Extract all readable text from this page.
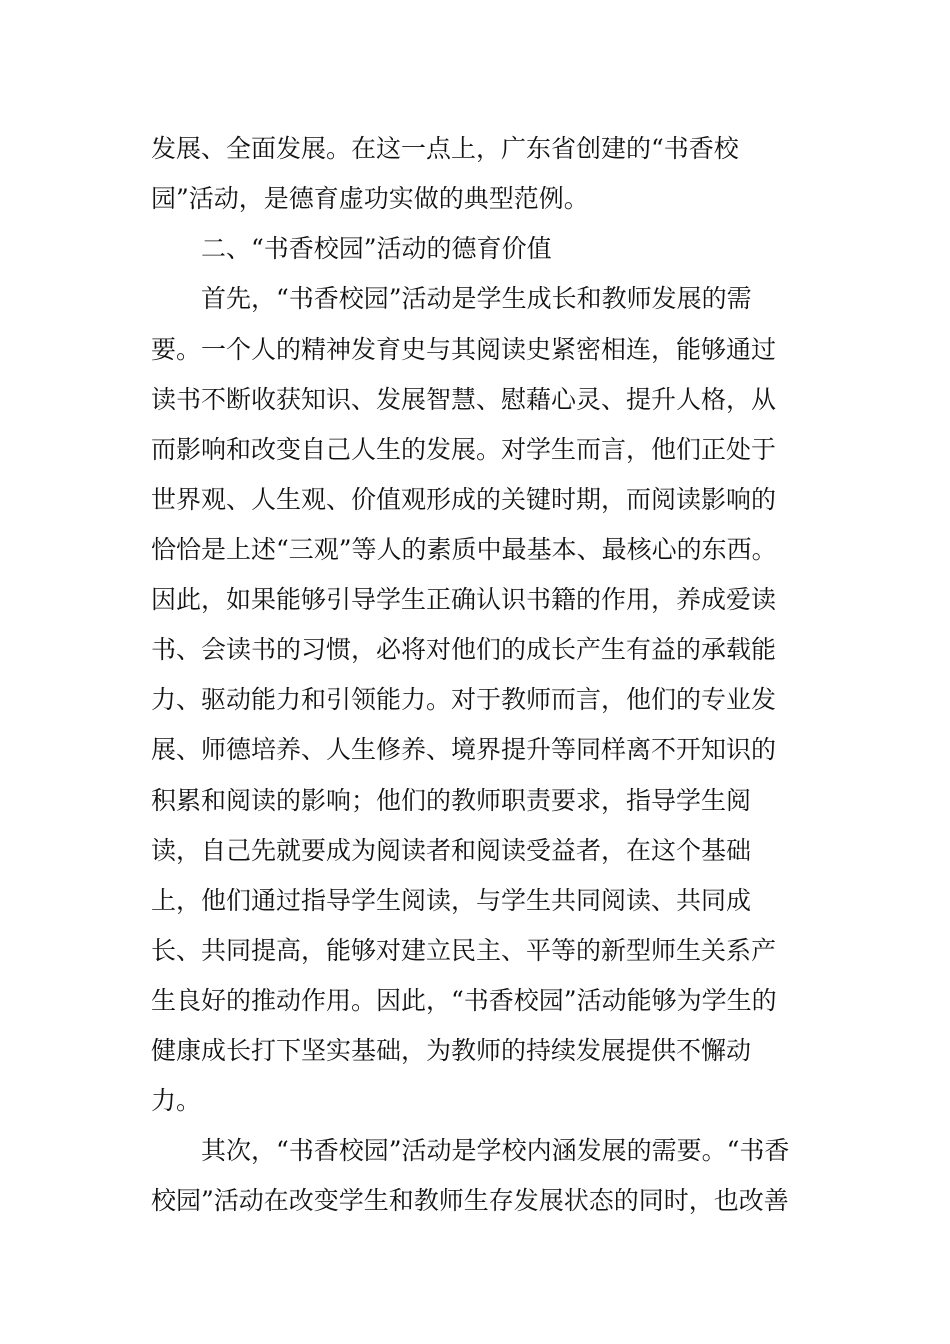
发展、全面发展。在这一点上，广东省创建的“书香校

园”活动，是德育虚功实做的典型范例。

二、“书香校园”活动的德育价值

首先，“书香校园”活动是学生成长和教师发展的需

要。一个人的精神发育史与其阅读史紧密相连，能够通过

读书不断收获知识、发展智慧、慰藉心灵、提升人格，从

而影响和改变自己人生的发展。对学生而言，他们正处于

世界观、人生观、价值观形成的关键时期，而阅读影响的

恰恰是上述“三观”等人的素质中最基本、最核心的东西。

因此，如果能够引导学生正确认识书籍的作用，养成爱读

书、会读书的习惯，必将对他们的成长产生有益的承载能

力、驱动能力和引领能力。对于教师而言，他们的专业发

展、师德培养、人生修养、境界提升等同样离不开知识的

积累和阅读的影响；他们的教师职责要求，指导学生阅

读，自己先就要成为阅读者和阅读受益者，在这个基础

上，他们通过指导学生阅读，与学生共同阅读、共同成

长、共同提高，能够对建立民主、平等的新型师生关系产

生良好的推动作用。因此，“书香校园”活动能够为学生的

健康成长打下坚实基础，为教师的持续发展提供不懈动

力。

其次，“书香校园”活动是学校内涵发展的需要。“书香

校园”活动在改变学生和教师生存发展状态的同时，也改善
